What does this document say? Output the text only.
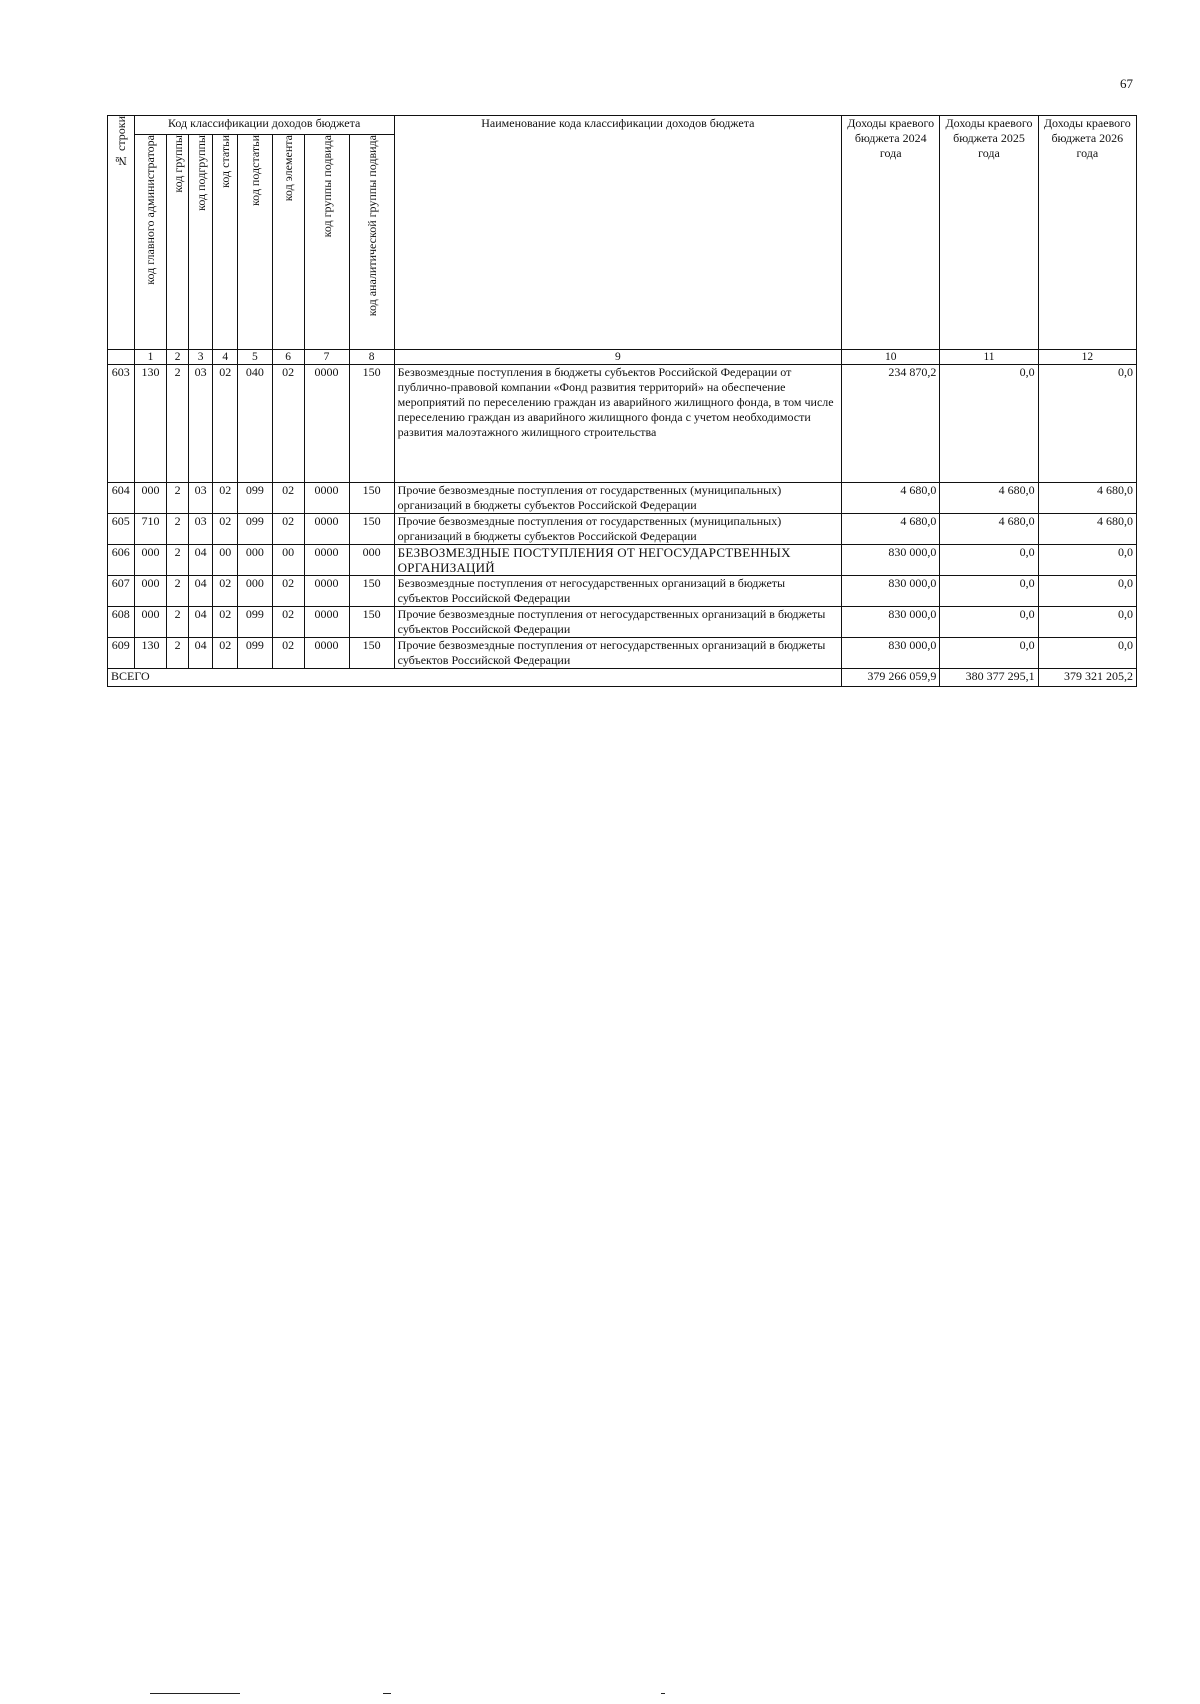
67
№ строки	Код классификации доходов бюджета								Наименование кода классификации доходов бюджета	Доходы краевого бюджета 2024 года	Доходы краевого бюджета 2025 года	Доходы краевого бюджета 2026 года

	код главного администратора	код группы	код подгруппы	код статьи	код подстатьи	код элемента	код группы подвида	код аналитической группы подвида				

	1	2	3	4	5	6	7	8	9	10	11	12
603	130	2	03	02	040	02	0000	150	Безвозмездные поступления в бюджеты субъектов Российской Федерации от публично-правовой компании «Фонд развития территорий» на обеспечение мероприятий по переселению граждан из аварийного жилищного фонда, в том числе переселению граждан из аварийного жилищного фонда с учетом необходимости развития малоэтажного жилищного строительства	234 870,2	0,0	0,0
604	000	2	03	02	099	02	0000	150	Прочие безвозмездные поступления от государственных (муниципальных) организаций в бюджеты субъектов Российской Федерации	4 680,0	4 680,0	4 680,0
605	710	2	03	02	099	02	0000	150	Прочие безвозмездные поступления от государственных (муниципальных) организаций в бюджеты субъектов Российской Федерации	4 680,0	4 680,0	4 680,0
606	000	2	04	00	000	00	0000	000	БЕЗВОЗМЕЗДНЫЕ ПОСТУПЛЕНИЯ ОТ НЕГОСУДАРСТВЕННЫХ ОРГАНИЗАЦИЙ	830 000,0	0,0	0,0
607	000	2	04	02	000	02	0000	150	Безвозмездные поступления от негосударственных организаций в бюджеты субъектов Российской Федерации	830 000,0	0,0	0,0
608	000	2	04	02	099	02	0000	150	Прочие безвозмездные поступления от негосударственных организаций в бюджеты субъектов Российской Федерации	830 000,0	0,0	0,0
609	130	2	04	02	099	02	0000	150	Прочие безвозмездные поступления от негосударственных организаций в бюджеты субъектов Российской Федерации	830 000,0	0,0	0,0
ВСЕГО										379 266 059,9	380 377 295,1	379 321 205,2
